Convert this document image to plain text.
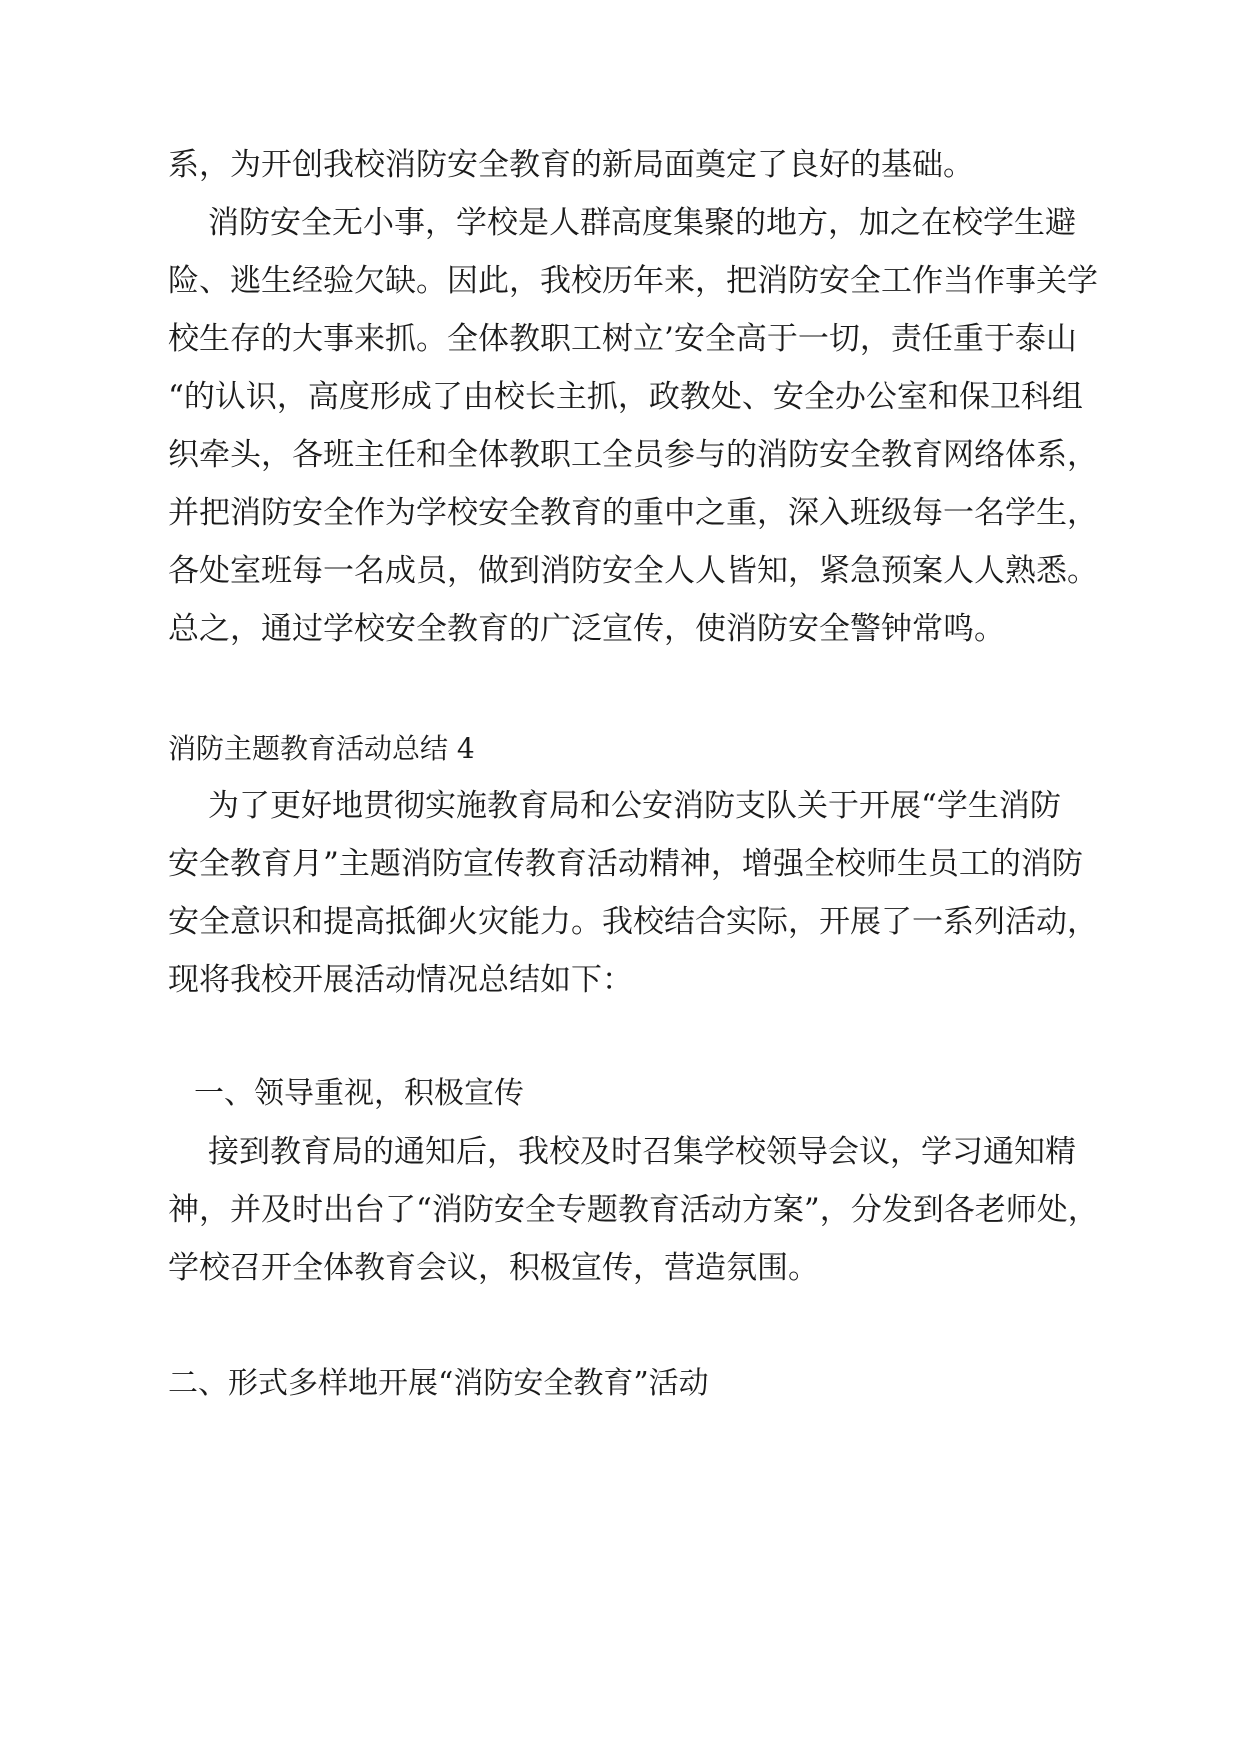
系，为开创我校消防安全教育的新局面奠定了良好的基础。
消防安全无小事，学校是人群高度集聚的地方，加之在校学生避
险、逃生经验欠缺。因此，我校历年来，把消防安全工作当作事关学
校生存的大事来抓。全体教职工树立’安全高于一切，责任重于泰山
“的认识，高度形成了由校长主抓，政教处、安全办公室和保卫科组
织牵头，各班主任和全体教职工全员参与的消防安全教育网络体系，
并把消防安全作为学校安全教育的重中之重，深入班级每一名学生，
各处室班每一名成员，做到消防安全人人皆知，紧急预案人人熟悉。
总之，通过学校安全教育的广泛宣传，使消防安全警钟常鸣。
消防主题教育活动总结 4
为了更好地贯彻实施教育局和公安消防支队关于开展“学生消防
安全教育月”主题消防宣传教育活动精神，增强全校师生员工的消防
安全意识和提高抵御火灾能力。我校结合实际，开展了一系列活动，
现将我校开展活动情况总结如下：
一、领导重视，积极宣传
接到教育局的通知后，我校及时召集学校领导会议，学习通知精
神，并及时出台了“消防安全专题教育活动方案”，分发到各老师处，
学校召开全体教育会议，积极宣传，营造氛围。
二、形式多样地开展“消防安全教育”活动
